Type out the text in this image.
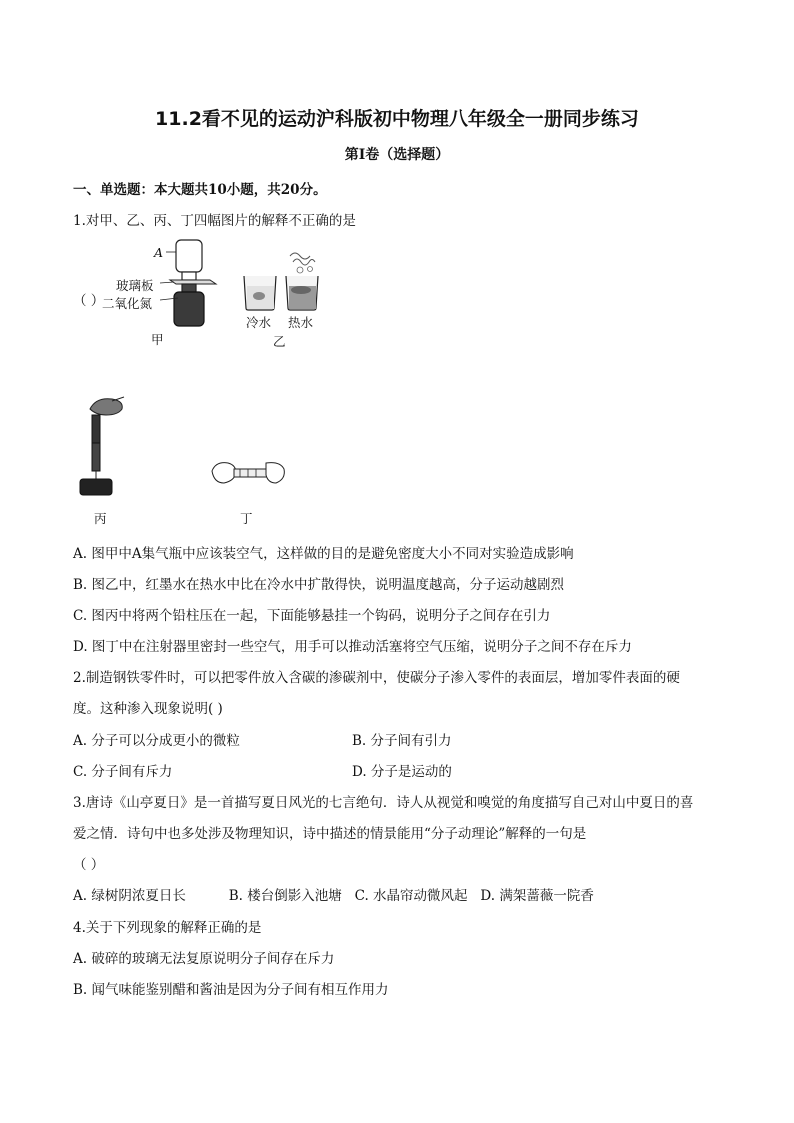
11.2看不见的运动沪科版初中物理八年级全一册同步练习
第I卷（选择题）
一、单选题：本大题共10小题，共20分。
1.对甲、乙、丙、丁四幅图片的解释不正确的是
（ ）
A
玻璃板
二氧化氮
甲
冷水 热水
乙
丙	丁
A. 图甲中A集气瓶中应该装空气，这样做的目的是避免密度大小不同对实验造成影响
B. 图乙中，红墨水在热水中比在冷水中扩散得快，说明温度越高，分子运动越剧烈
C. 图丙中将两个铅柱压在一起，下面能够悬挂一个钩码，说明分子之间存在引力
D. 图丁中在注射器里密封一些空气，用手可以推动活塞将空气压缩，说明分子之间不存在斥力
2.制造钢铁零件时，可以把零件放入含碳的渗碳剂中，使碳分子渗入零件的表面层，增加零件表面的硬
度。这种渗入现象说明( )
A. 分子可以分成更小的微粒	B. 分子间有引力
C. 分子间有斥力	D. 分子是运动的
3.唐诗《山亭夏日》是一首描写夏日风光的七言绝句．诗人从视觉和嗅觉的角度描写自己对山中夏日的喜
爱之情．诗句中也多处涉及物理知识，诗中描述的情景能用“分子动理论”解释的一句是
（ ）
A. 绿树阴浓夏日长          B. 楼台倒影入池塘   C. 水晶帘动微风起   D. 满架蔷薇一院香
4.关于下列现象的解释正确的是
A. 破碎的玻璃无法复原说明分子间存在斥力
B. 闻气味能鉴别醋和酱油是因为分子间有相互作用力
